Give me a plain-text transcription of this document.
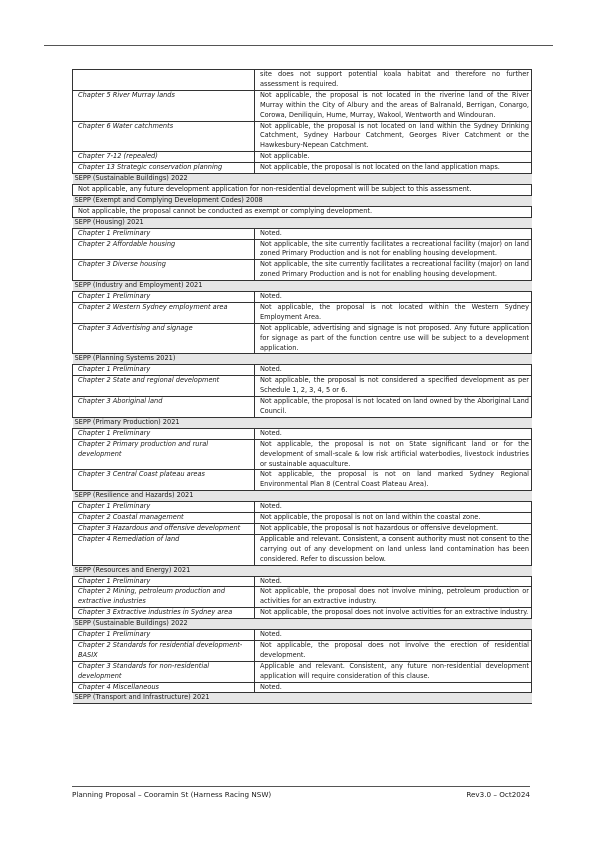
	site does not support potential koala habitat and therefore no further assessment is required.
Chapter 5 River Murray lands	Not applicable, the proposal is not located in the riverine land of the River Murray within the City of Albury and the areas of Balranald, Berrigan, Conargo, Corowa, Deniliquin, Hume, Murray, Wakool, Wentworth and Windouran.
Chapter 6 Water catchments	Not applicable, the proposal is not located on land within the Sydney Drinking Catchment, Sydney Harbour Catchment, Georges River Catchment or the Hawkesbury-Nepean Catchment.
Chapter 7-12 (repealed)	Not applicable.
Chapter 13 Strategic conservation planning	Not applicable, the proposal is not located on the land application maps.
SEPP (Sustainable Buildings) 2022	
Not applicable, any future development application for non-residential development will be subject to this assessment.	
SEPP (Exempt and Complying Development Codes) 2008	
Not applicable, the proposal cannot be conducted as exempt or complying development.	
SEPP (Housing) 2021	
Chapter 1 Preliminary	Noted.
Chapter 2 Affordable housing	Not applicable, the site currently facilitates a recreational facility (major) on land zoned Primary Production and is not for enabling housing development.
Chapter 3 Diverse housing	Not applicable, the site currently facilitates a recreational facility (major) on land zoned Primary Production and is not for enabling housing development.
SEPP (Industry and Employment) 2021	
Chapter 1 Preliminary	Noted.
Chapter 2 Western Sydney employment area	Not applicable, the proposal is not located within the Western Sydney Employment Area.
Chapter 3 Advertising and signage	Not applicable, advertising and signage is not proposed. Any future application for signage as part of the function centre use will be subject to a development application.
SEPP (Planning Systems 2021)	
Chapter 1 Preliminary	Noted.
Chapter 2 State and regional development	Not applicable, the proposal is not considered a specified development as per Schedule 1, 2, 3, 4, 5 or 6.
Chapter 3 Aboriginal land	Not applicable, the proposal is not located on land owned by the Aboriginal Land Council.
SEPP (Primary Production) 2021	
Chapter 1 Preliminary	Noted.
Chapter 2 Primary production and rural development	Not applicable, the proposal is not on State significant land or for the development of small-scale & low risk artificial waterbodies, livestock industries or sustainable aquaculture.
Chapter 3 Central Coast plateau areas	Not applicable, the proposal is not on land marked Sydney Regional Environmental Plan 8 (Central Coast Plateau Area).
SEPP (Resilience and Hazards) 2021	
Chapter 1 Preliminary	Noted.
Chapter 2 Coastal management	Not applicable, the proposal is not on land within the coastal zone.
Chapter 3 Hazardous and offensive development	Not applicable, the proposal is not hazardous or offensive development.
Chapter 4 Remediation of land	Applicable and relevant. Consistent, a consent authority must not consent to the carrying out of any development on land unless land contamination has been considered. Refer to discussion below.
SEPP (Resources and Energy) 2021	
Chapter 1 Preliminary	Noted.
Chapter 2 Mining, petroleum production and extractive industries	Not applicable, the proposal does not involve mining, petroleum production or activities for an extractive industry.
Chapter 3 Extractive industries in Sydney area	Not applicable, the proposal does not involve activities for an extractive industry.
SEPP (Sustainable Buildings) 2022	
Chapter 1 Preliminary	Noted.
Chapter 2 Standards for residential development-BASIX	Not applicable, the proposal does not involve the erection of residential development.
Chapter 3 Standards for non-residential development	Applicable and relevant. Consistent, any future non-residential development application will require consideration of this clause.
Chapter 4 Miscellaneous	Noted.
SEPP (Transport and Infrastructure) 2021	
Planning Proposal – Cooramin St (Harness Racing NSW)	Rev3.0 – Oct2024
